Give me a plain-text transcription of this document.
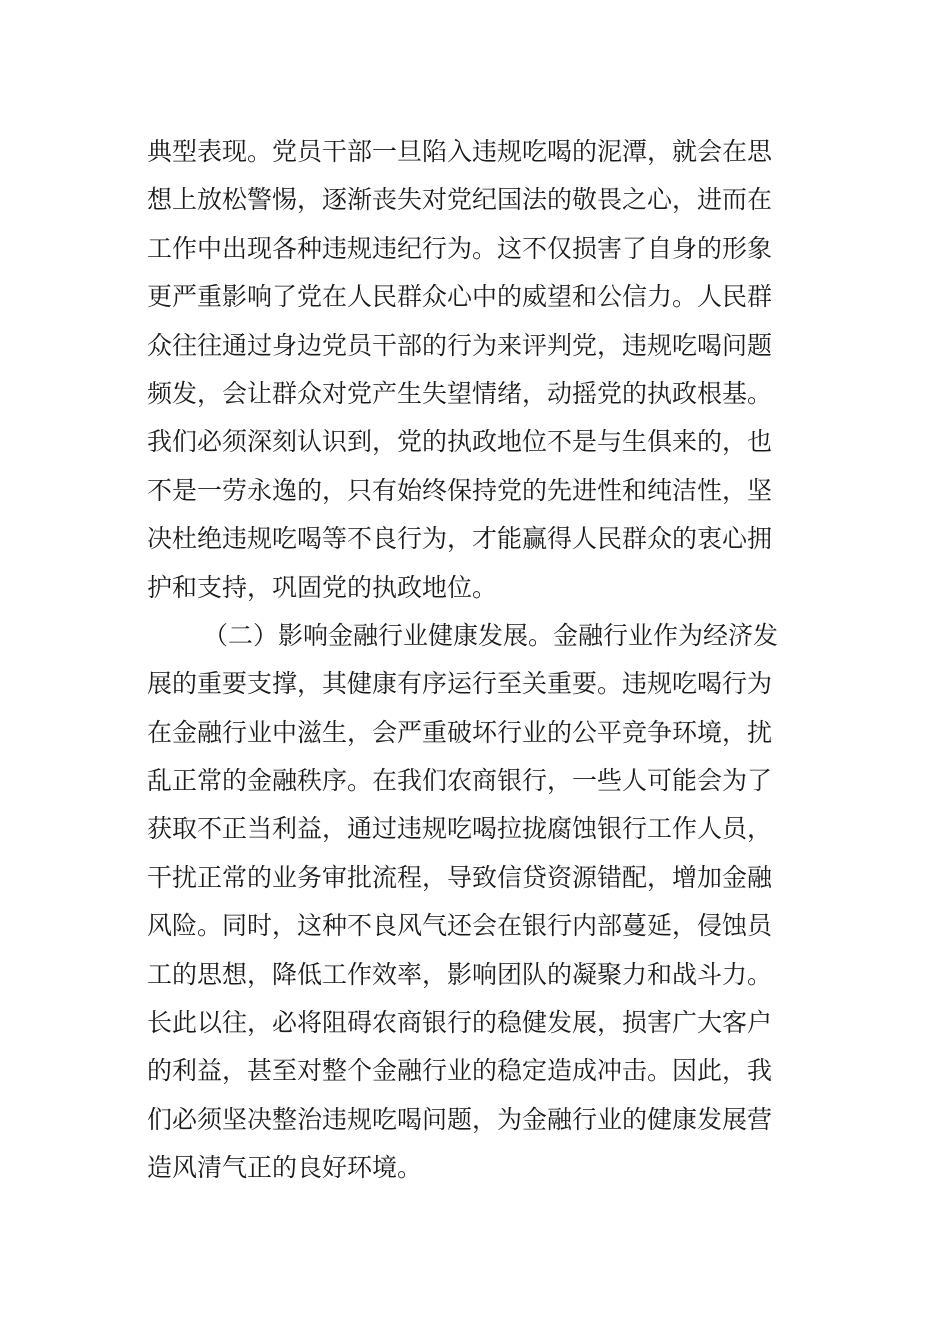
典型表现。党员干部一旦陷入违规吃喝的泥潭，就会在思
想上放松警惕，逐渐丧失对党纪国法的敬畏之心，进而在
工作中出现各种违规违纪行为。这不仅损害了自身的形象
更严重影响了党在人民群众心中的威望和公信力。人民群
众往往通过身边党员干部的行为来评判党，违规吃喝问题
频发，会让群众对党产生失望情绪，动摇党的执政根基。
我们必须深刻认识到，党的执政地位不是与生俱来的，也
不是一劳永逸的，只有始终保持党的先进性和纯洁性，坚
决杜绝违规吃喝等不良行为，才能赢得人民群众的衷心拥
护和支持，巩固党的执政地位。
（二）影响金融行业健康发展。金融行业作为经济发
展的重要支撑，其健康有序运行至关重要。违规吃喝行为
在金融行业中滋生，会严重破坏行业的公平竞争环境，扰
乱正常的金融秩序。在我们农商银行，一些人可能会为了
获取不正当利益，通过违规吃喝拉拢腐蚀银行工作人员，
干扰正常的业务审批流程，导致信贷资源错配，增加金融
风险。同时，这种不良风气还会在银行内部蔓延，侵蚀员
工的思想，降低工作效率，影响团队的凝聚力和战斗力。
长此以往，必将阻碍农商银行的稳健发展，损害广大客户
的利益，甚至对整个金融行业的稳定造成冲击。因此，我
们必须坚决整治违规吃喝问题，为金融行业的健康发展营
造风清气正的良好环境。
